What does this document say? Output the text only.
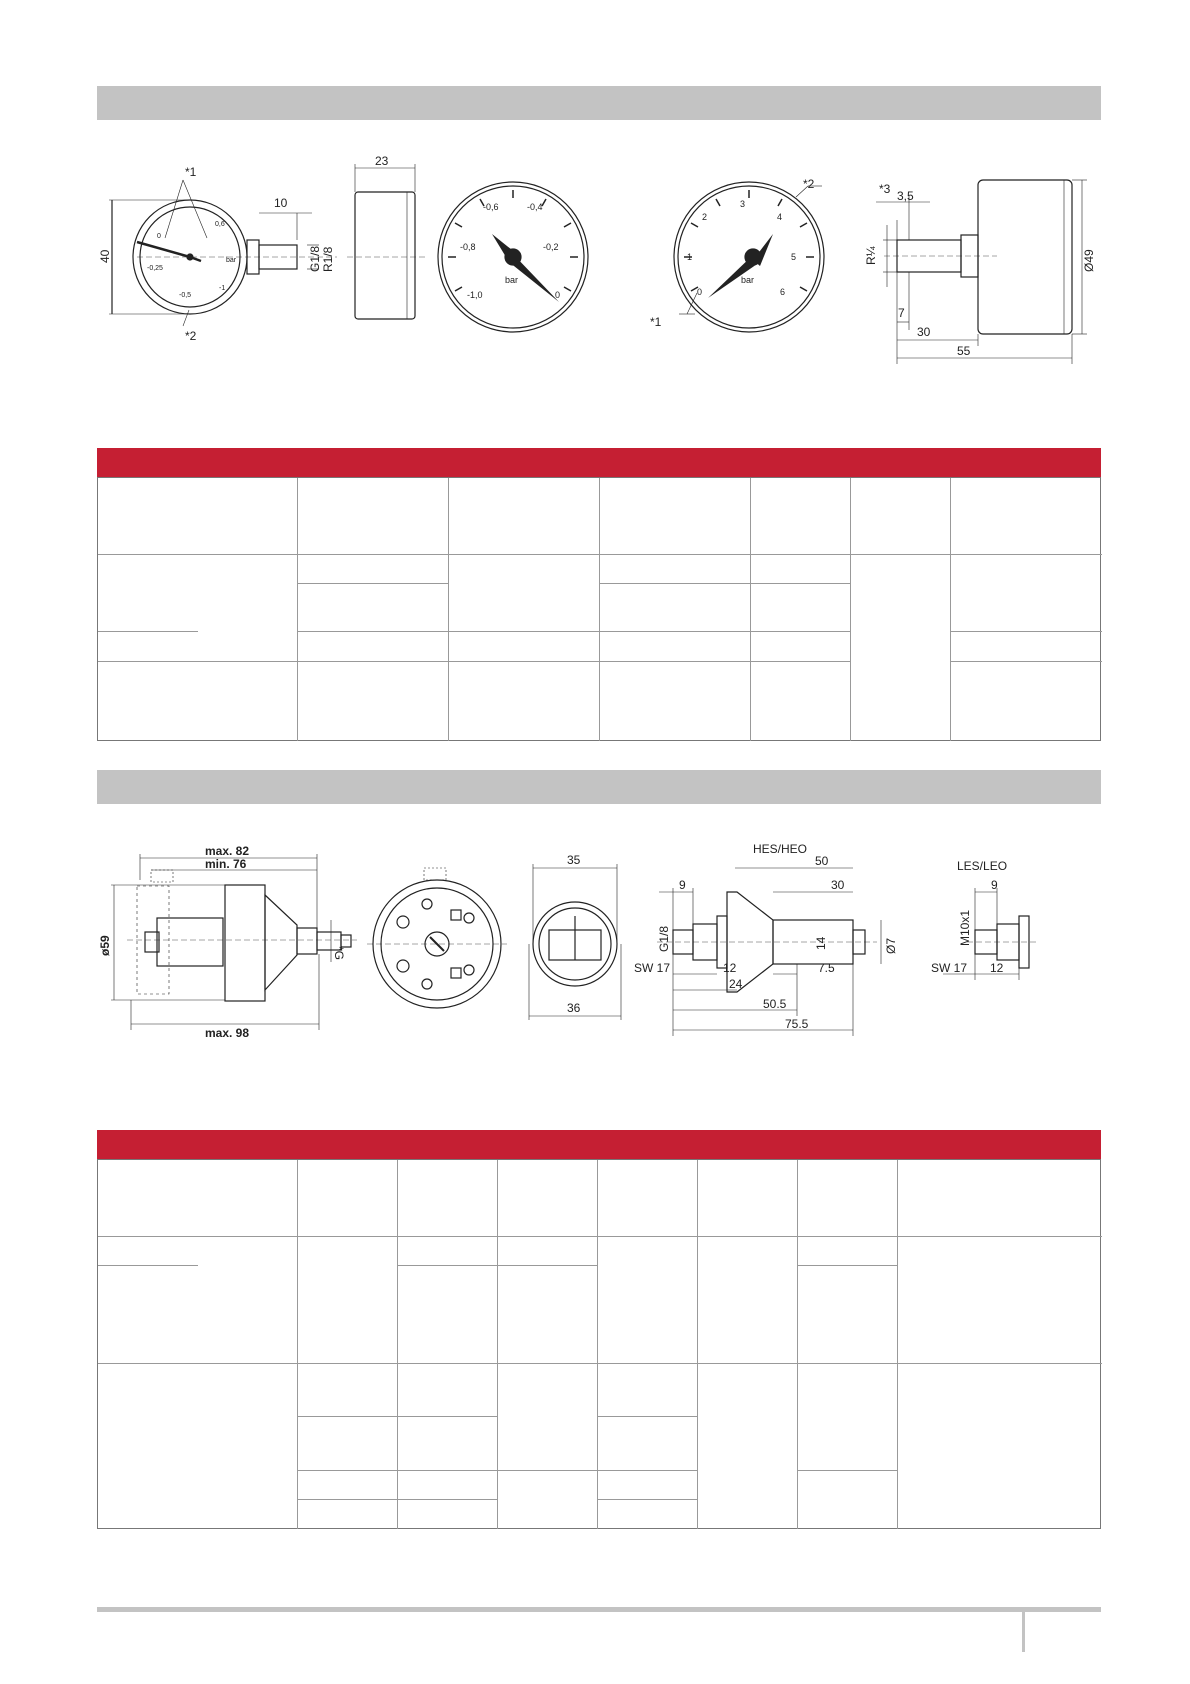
*1
10
40	G1/8 R1/8
*2
0
-0,25
-0,5
0,6
-1
bar
23
-0,6	-0,4
-0,8	-0,2
-1,0	0
bar
3
2	4
1	5
0	6
bar
*2
*1
*3 3,5
R¼
7
30
55
Ø49
max. 82
min. 76
ø59	*G
max. 98
35
36
HES/HEO
50
9	30
G1/8	14	Ø7
SW 17	12	7.5
24
50.5
75.5
LES/LEO
M10x1
9
SW 17 12
